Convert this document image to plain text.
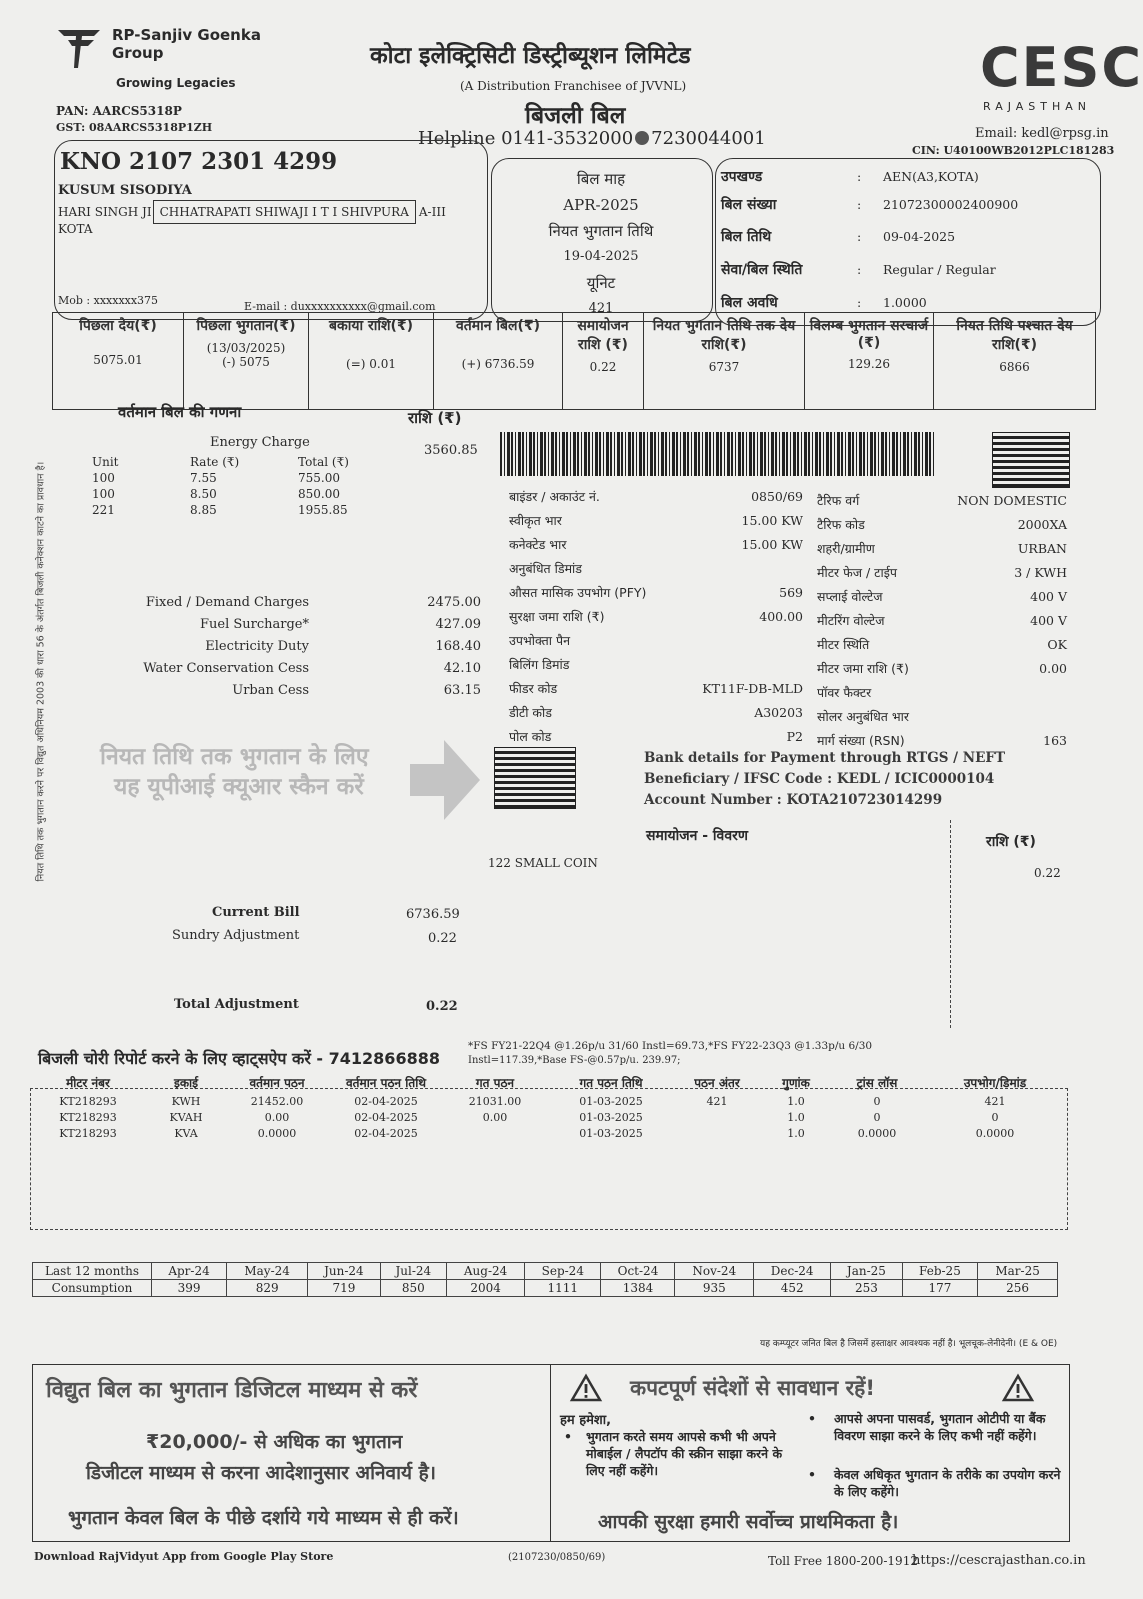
RP-Sanjiv Goenka
Group
Growing Legacies
PAN: AARCS5318P
GST: 08AARCS5318P1ZH
कोटा इलेक्ट्रिसिटी डिस्ट्रीब्यूशन लिमिटेड
(A Distribution Franchisee of JVVNL)
बिजली बिल
Helpline 0141-3532000 7230044001
CESC
RAJASTHAN
Email: kedl@rpsg.in
CIN: U40100WB2012PLC181283
KNO 2107 2301 4299
KUSUM SISODIYA
HARI SINGH JI CHHATRAPATI SHIWAJI I T I SHIVPURA A-III
KOTA
Mob : xxxxxxx375	E-mail : duxxxxxxxxxx@gmail.com
बिल माह
APR-2025
नियत भुगतान तिथि
19-04-2025
यूनिट
421
उपखण्ड	:	AEN(A3,KOTA)
बिल संख्या	:	21072300002400900
बिल तिथि	:	09-04-2025
सेवा/बिल स्थिति	:	Regular / Regular
बिल अवधि	:	1.0000
पिछला देय(₹)
5075.01

पिछला भुगतान(₹)
(13/03/2025)
(-) 5075

बकाया राशि(₹)
(=) 0.01

वर्तमान बिल(₹)
(+) 6736.59

समायोजन राशि (₹)
0.22

नियत भुगतान तिथि तक देय राशि(₹)
6737

विलम्ब भुगतान सरचार्ज (₹)
129.26

नियत तिथि पश्चात देय राशि(₹)
6866
नियत तिथि तक भुगतान करने पर विद्युत अधिनियम 2003 की धारा 56 के अंतर्गत बिजली कनेक्शन काटने का प्रावधान है।
वर्तमान बिल की गणना	राशि (₹)
Energy Charge
3560.85
Unit	Rate (₹)	Total (₹)
100	7.55	755.00
100	8.50	850.00
221	8.85	1955.85
Fixed / Demand Charges	2475.00
Fuel Surcharge*	427.09
Electricity Duty	168.40
Water Conservation Cess	42.10
Urban Cess	63.15
नियत तिथि तक भुगतान के लिए
यह यूपीआई क्यूआर स्कैन करें
Current Bill	6736.59
Sundry Adjustment	0.22
Total Adjustment	0.22
बाइंडर / अकाउंट नं.	0850/69
स्वीकृत भार	15.00 KW
कनेक्टेड भार	15.00 KW
अनुबंधित डिमांड	
औसत मासिक उपभोग (PFY)	569
सुरक्षा जमा राशि (₹)	400.00
उपभोक्ता पैन	
बिलिंग डिमांड	
फीडर कोड	KT11F-DB-MLD
डीटी कोड	A30203
पोल कोड	P2
टैरिफ वर्ग	NON DOMESTIC
टैरिफ कोड	2000XA
शहरी/ग्रामीण	URBAN
मीटर फेज / टाईप	3 / KWH
सप्लाई वोल्टेज	400 V
मीटरिंग वोल्टेज	400 V
मीटर स्थिति	OK
मीटर जमा राशि (₹)	0.00
पॉवर फैक्टर	
सोलर अनुबंधित भार	
मार्ग संख्या (RSN)	163
Bank details for Payment through RTGS / NEFT
Beneficiary / IFSC Code : KEDL / ICIC0000104
Account Number : KOTA210723014299
समायोजन - विवरण	राशि (₹)
122 SMALL COIN
0.22
*FS FY21-22Q4 @1.26p/u 31/60 Instl=69.73,*FS FY22-23Q3 @1.33p/u 6/30
Instl=117.39,*Base FS-@0.57p/u. 239.97;
बिजली चोरी रिपोर्ट करने के लिए व्हाट्सऐप करें - 7412866888
मीटर नंबर	इकाई	वर्तमान पठन	वर्तमान पठन तिथि	गत पठन	गत पठन तिथि	पठन अंतर	गुणांक	ट्रांस लॉस	उपभोग/डिमांड
KT218293	KWH	21452.00	02-04-2025	21031.00	01-03-2025	421	1.0	0	421
KT218293	KVAH	0.00	02-04-2025	0.00	01-03-2025		1.0	0	0
KT218293	KVA	0.0000	02-04-2025		01-03-2025		1.0	0.0000	0.0000
Last 12 months	Apr-24	May-24	Jun-24	Jul-24	Aug-24	Sep-24	Oct-24	Nov-24	Dec-24	Jan-25	Feb-25	Mar-25
Consumption	399	829	719	850	2004	1111	1384	935	452	253	177	256
यह कम्प्यूटर जनित बिल है जिसमें हस्ताक्षर आवश्यक नहीं है। भूलचूक-लेनीदेनी। (E & OE)
विद्युत बिल का भुगतान डिजिटल माध्यम से करें
₹20,000/- से अधिक का भुगतान
डिजीटल माध्यम से करना आदेशानुसार अनिवार्य है।
भुगतान केवल बिल के पीछे दर्शाये गये माध्यम से ही करें।
कपटपूर्ण संदेशों से सावधान रहें!
हम हमेशा,
• भुगतान करते समय आपसे कभी भी अपने मोबाईल / लैपटॉप की स्क्रीन साझा करने के लिए नहीं कहेंगे।
• आपसे अपना पासवर्ड, भुगतान ओटीपी या बैंक विवरण साझा करने के लिए कभी नहीं कहेंगे।
• केवल अधिकृत भुगतान के तरीके का उपयोग करने के लिए कहेंगे।
आपकी सुरक्षा हमारी सर्वोच्च प्राथमिकता है।
Download RajVidyut App from Google Play Store	(2107230/0850/69)	Toll Free 1800-200-1912
https://cescrajasthan.co.in
